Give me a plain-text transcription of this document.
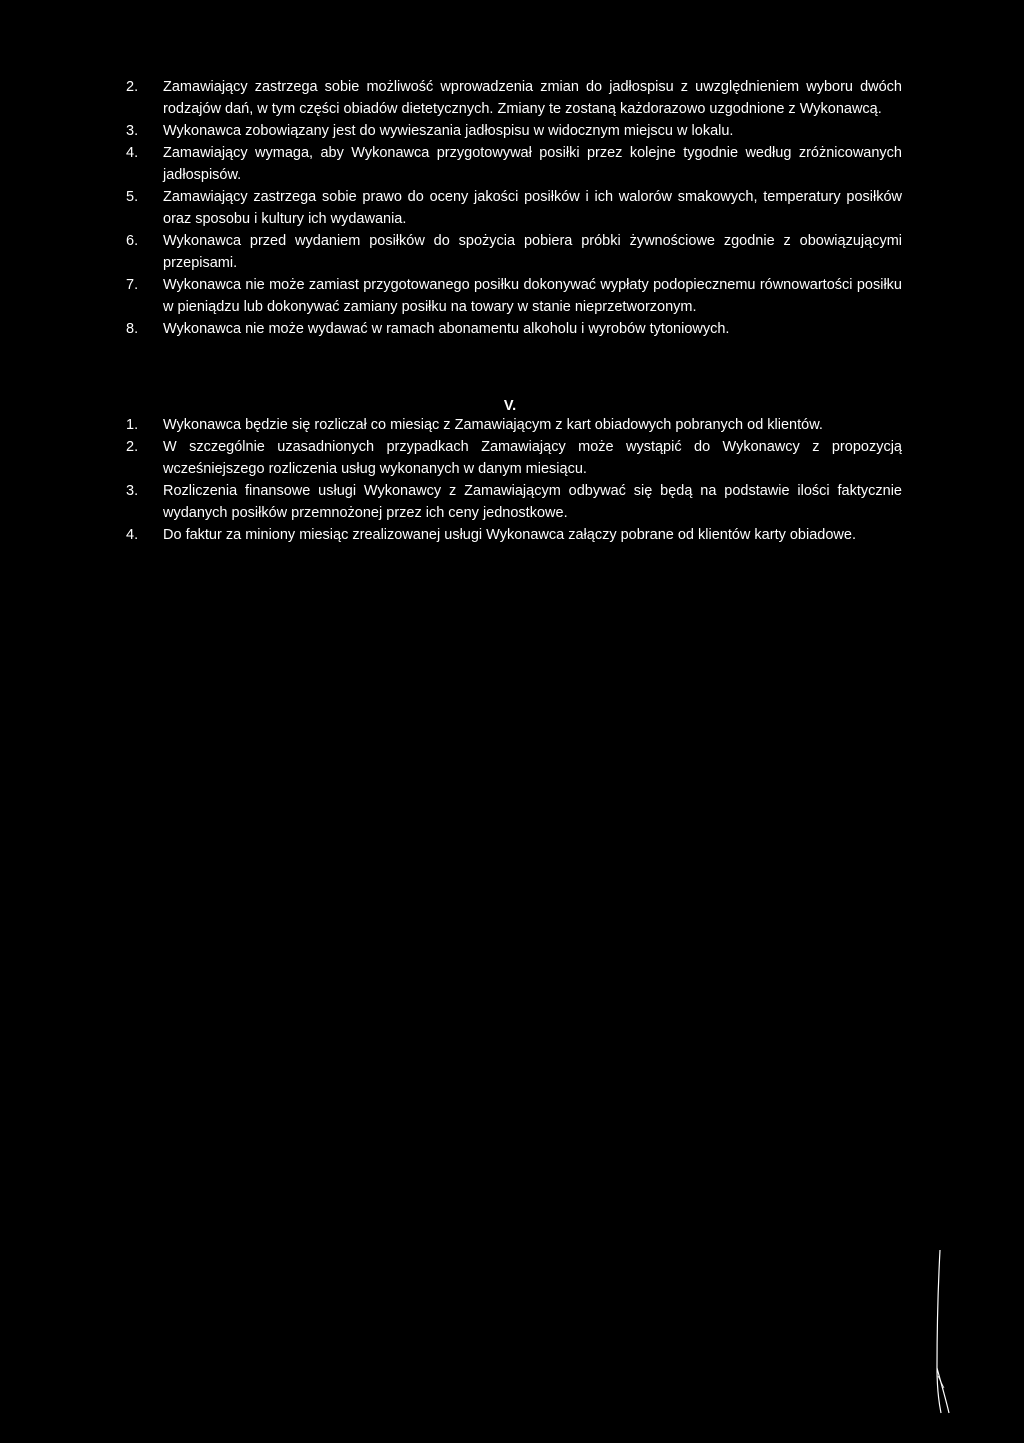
2.	Zamawiający zastrzega sobie możliwość wprowadzenia zmian do jadłospisu z uwzględnieniem wyboru dwóch rodzajów dań, w tym części obiadów dietetycznych. Zmiany te zostaną każdorazowo uzgodnione z Wykonawcą.
3.	Wykonawca zobowiązany jest do wywieszania jadłospisu w widocznym miejscu w lokalu.
4.	Zamawiający wymaga, aby Wykonawca przygotowywał posiłki przez kolejne tygodnie według zróżnicowanych jadłospisów.
5.	Zamawiający zastrzega sobie prawo do oceny jakości posiłków i ich walorów smakowych, temperatury posiłków oraz sposobu i kultury ich wydawania.
6.	Wykonawca przed wydaniem posiłków do spożycia pobiera próbki żywnościowe zgodnie z obowiązującymi przepisami.
7.	Wykonawca nie może zamiast przygotowanego posiłku dokonywać wypłaty podopiecznemu równowartości posiłku w pieniądzu lub dokonywać zamiany posiłku na towary w stanie nieprzetworzonym.
8.	Wykonawca nie może wydawać w ramach abonamentu alkoholu i wyrobów tytoniowych.
V.
1.	Wykonawca będzie się rozliczał co miesiąc z Zamawiającym z kart obiadowych pobranych od klientów.
2.	W szczególnie uzasadnionych przypadkach Zamawiający może wystąpić do Wykonawcy z propozycją wcześniejszego rozliczenia usług wykonanych w danym miesiącu.
3.	Rozliczenia finansowe usługi Wykonawcy z Zamawiającym odbywać się będą na podstawie ilości faktycznie wydanych posiłków przemnożonej przez ich ceny jednostkowe.
4.	Do faktur za miniony miesiąc zrealizowanej usługi Wykonawca załączy pobrane od klientów karty obiadowe.
